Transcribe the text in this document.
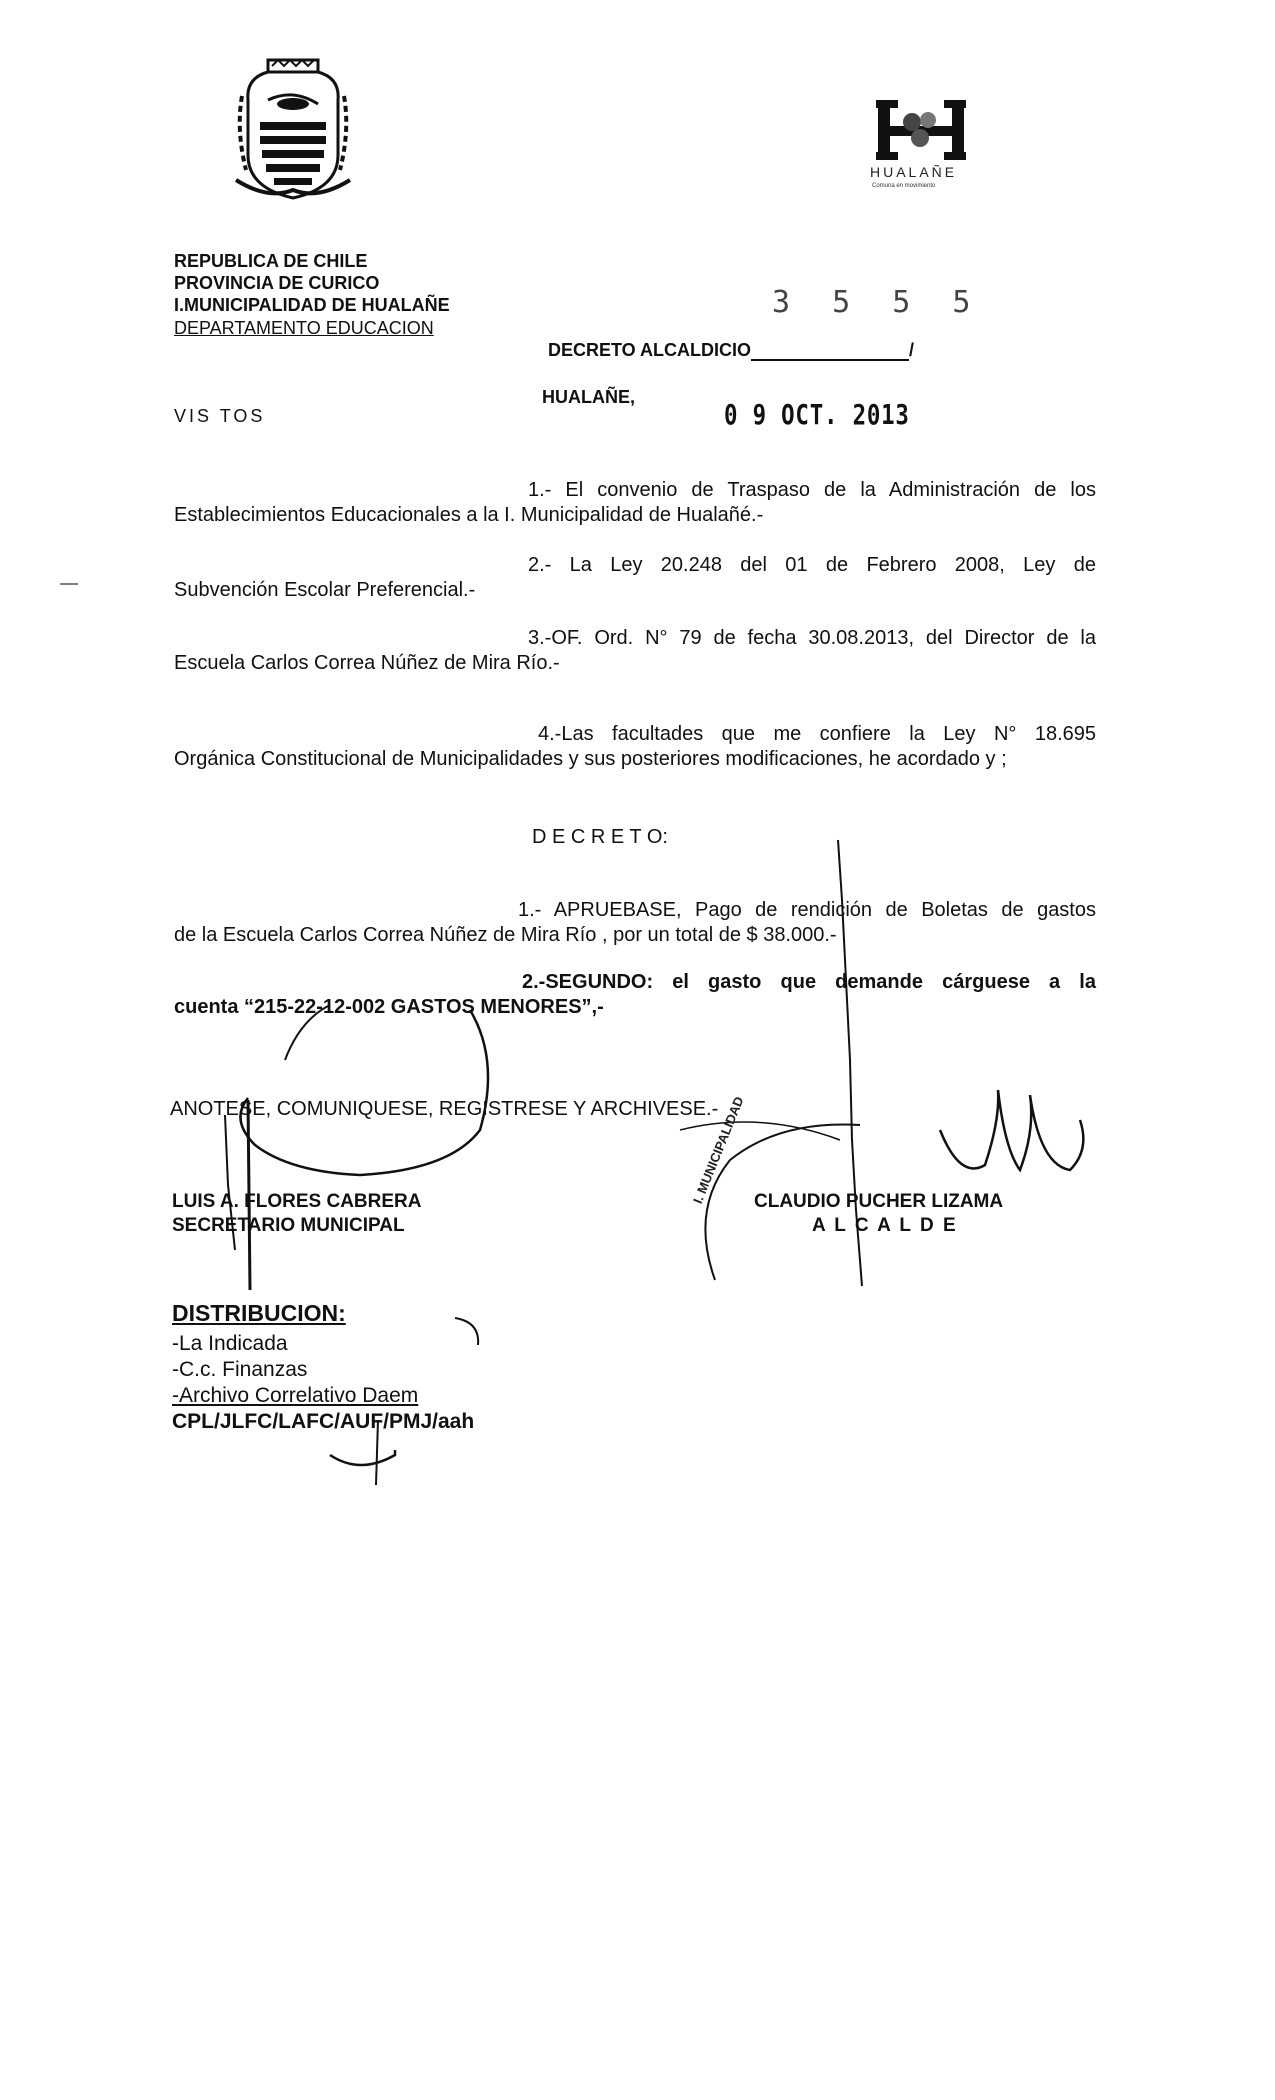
HUALAÑE
Comuna en movimiento
REPUBLICA DE CHILE
PROVINCIA DE CURICO
I.MUNICIPALIDAD DE HUALAÑE
DEPARTAMENTO EDUCACION
3 5 5 5
DECRETO ALCALDICIO	/
HUALAÑE,
0 9 OCT. 2013
VIS TOS
1.- El convenio de Traspaso de la Administración de los
Establecimientos Educacionales a la I. Municipalidad de Hualañé.-
2.- La Ley 20.248 del 01 de Febrero 2008, Ley de
Subvención Escolar Preferencial.-
3.-OF. Ord. N° 79 de fecha 30.08.2013, del Director de la
Escuela Carlos Correa Núñez de Mira Río.-
4.-Las facultades que me confiere la Ley N° 18.695
Orgánica Constitucional de Municipalidades y sus posteriores modificaciones, he acordado y ;
D E C R E T O:
1.- APRUEBASE, Pago de rendición de Boletas de gastos
de la Escuela Carlos Correa Núñez de Mira Río , por un total de $ 38.000.-
2.-SEGUNDO: el gasto que demande cárguese a la
cuenta “215-22-12-002 GASTOS MENORES”,-
ANOTESE, COMUNIQUESE, REGISTRESE Y ARCHIVESE.-
LUIS A. FLORES CABRERA
SECRETARIO MUNICIPAL
CLAUDIO PUCHER LIZAMA
A L C A L D E
I. MUNICIPALIDAD
DISTRIBUCION:
-La Indicada
-C.c. Finanzas
-Archivo Correlativo Daem
CPL/JLFC/LAFC/AUF/PMJ/aah
